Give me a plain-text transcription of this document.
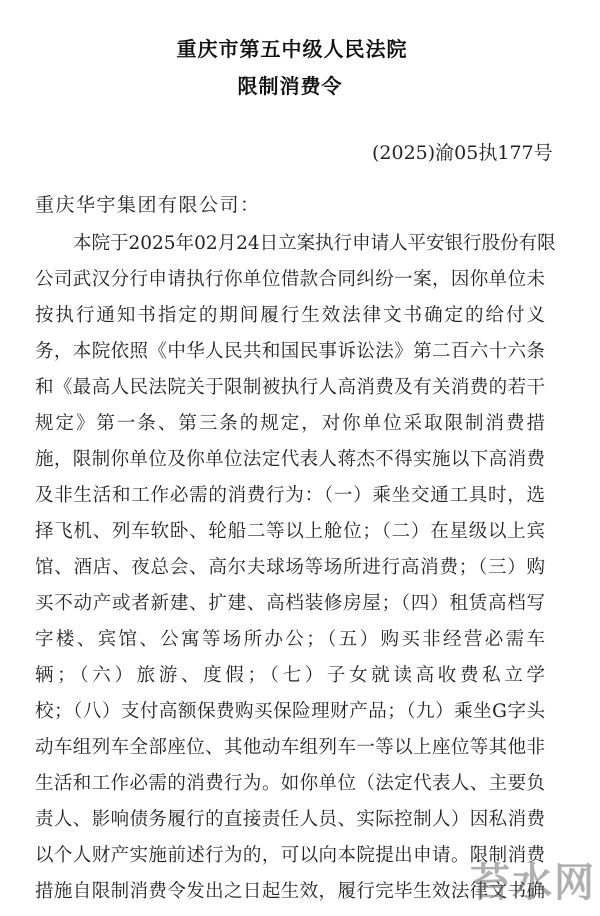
重庆市第五中级人民法院
限制消费令
(2025)渝05执177号
重庆华宇集团有限公司：
本院于2025年02月24日立案执行申请人平安银行股份有限
公司武汉分行申请执行你单位借款合同纠纷一案，因你单位未
按执行通知书指定的期间履行生效法律文书确定的给付义
务，本院依照《中华人民共和国民事诉讼法》第二百六十六条
和《最高人民法院关于限制被执行人高消费及有关消费的若干
规定》第一条、第三条的规定，对你单位采取限制消费措
施，限制你单位及你单位法定代表人蒋杰不得实施以下高消费
及非生活和工作必需的消费行为：（一）乘坐交通工具时，选
择飞机、列车软卧、轮船二等以上舱位；（二）在星级以上宾
馆、酒店、夜总会、高尔夫球场等场所进行高消费；（三）购
买不动产或者新建、扩建、高档装修房屋；（四）租赁高档写
字楼、宾馆、公寓等场所办公；（五）购买非经营必需车
辆；（六）旅游、度假；（七）子女就读高收费私立学
校；（八）支付高额保费购买保险理财产品；（九）乘坐G字头
动车组列车全部座位、其他动车组列车一等以上座位等其他非
生活和工作必需的消费行为。如你单位（法定代表人、主要负
责人、影响债务履行的直接责任人员、实际控制人）因私消费
以个人财产实施前述行为的，可以向本院提出申请。限制消费
措施自限制消费令发出之日起生效，履行完毕生效法律文书确
苔水网
